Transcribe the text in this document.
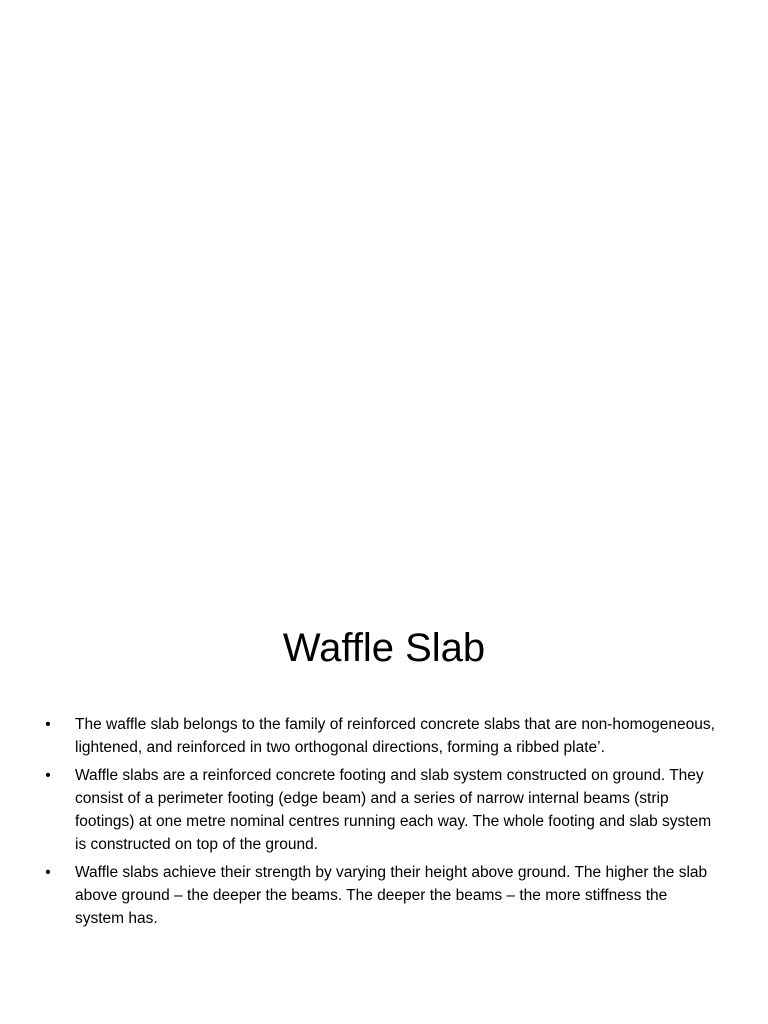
Waffle Slab
•	The waffle slab belongs to the family of reinforced concrete slabs that are non-homogeneous, lightened, and reinforced in two orthogonal directions, forming a ribbed plate’.
•	Waffle slabs are a reinforced concrete footing and slab system constructed on ground. They consist of a perimeter footing (edge beam) and a series of narrow internal beams (strip footings) at one metre nominal centres running each way. The whole footing and slab system is constructed on top of the ground.
•	Waffle slabs achieve their strength by varying their height above ground. The higher the slab above ground – the deeper the beams. The deeper the beams – the more stiffness the system has.
